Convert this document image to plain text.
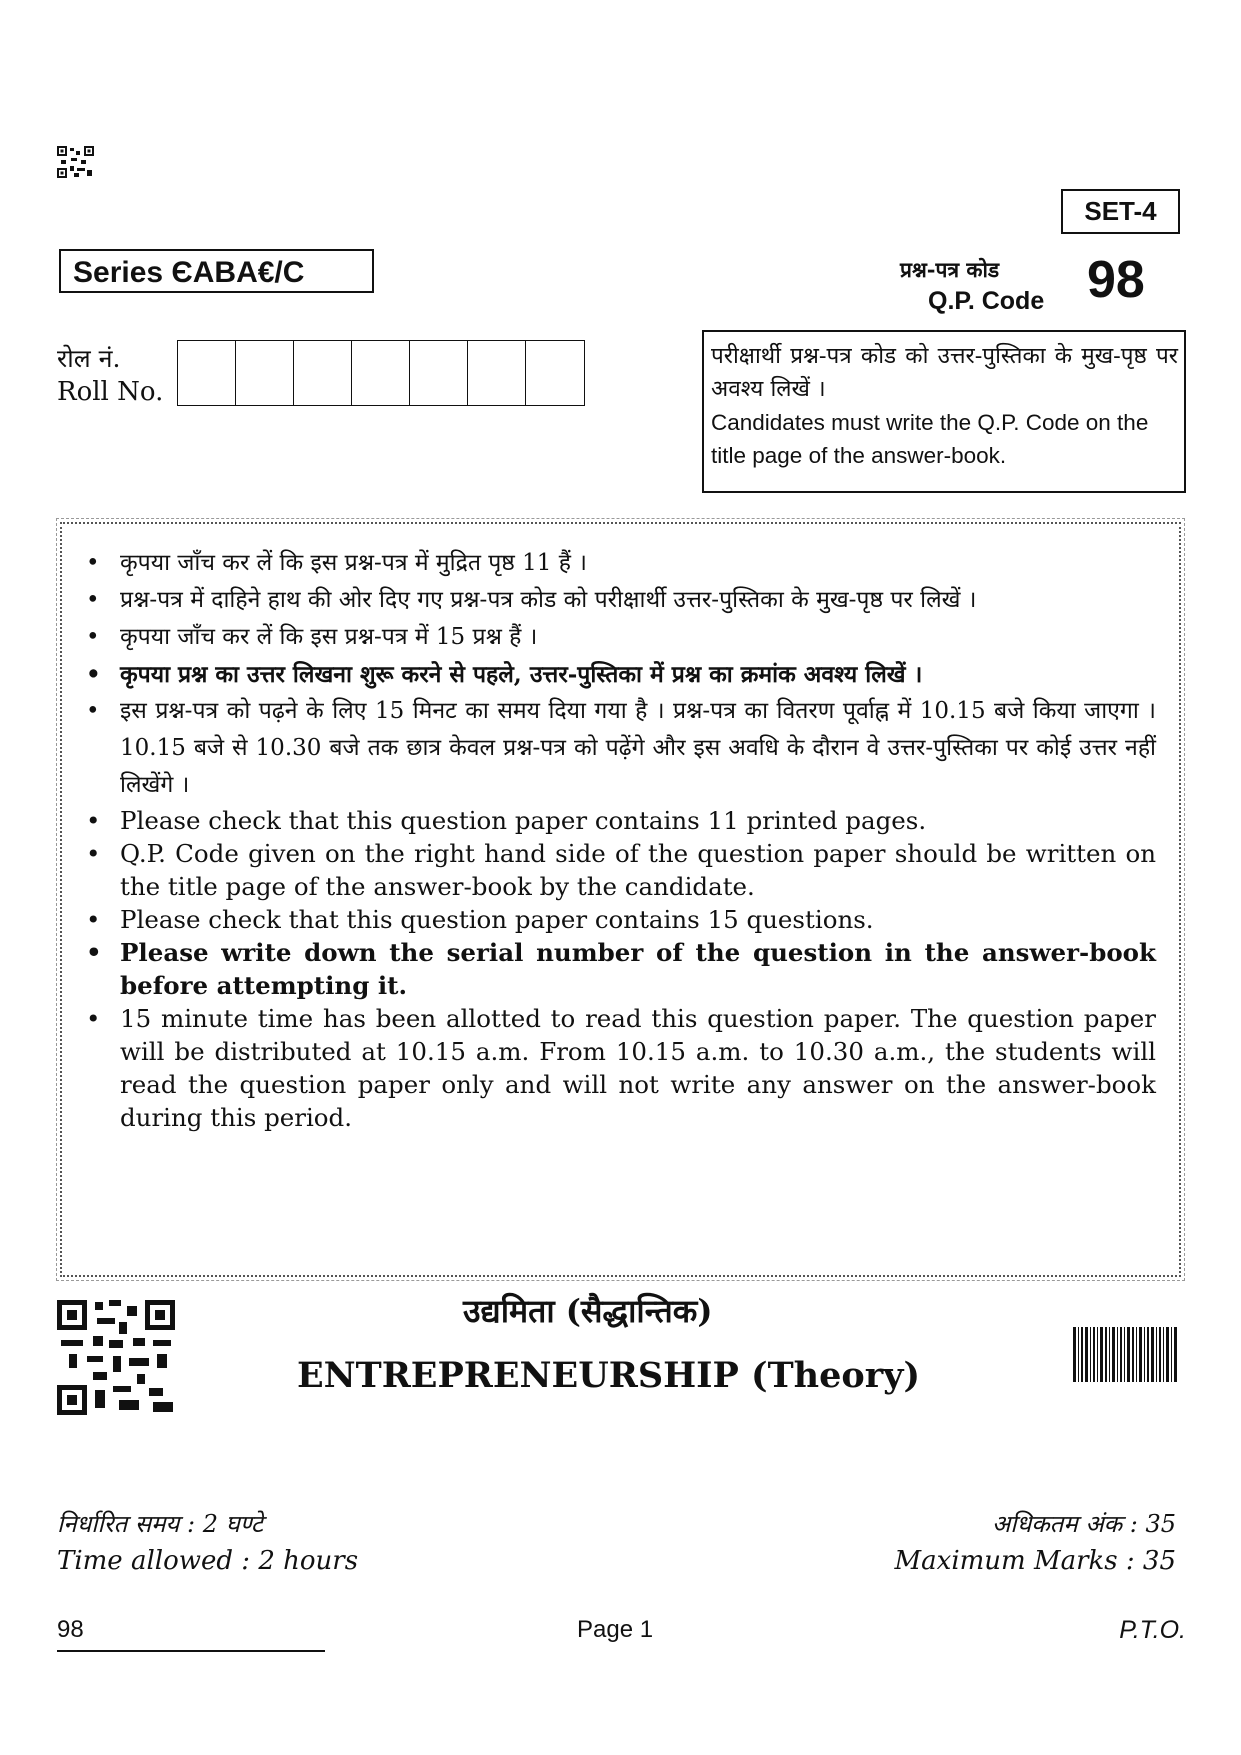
SET-4
Series ЄABA€/C	प्रश्न-पत्र कोड
Q.P. Code 98
रोल नं.
Roll No.
परीक्षार्थी प्रश्न-पत्र कोड को उत्तर-पुस्तिका के मुख-पृष्ठ पर अवश्य लिखें ।
Candidates must write the Q.P. Code on the title page of the answer-book.
• कृपया जाँच कर लें कि इस प्रश्न-पत्र में मुद्रित पृष्ठ 11 हैं ।
• प्रश्न-पत्र में दाहिने हाथ की ओर दिए गए प्रश्न-पत्र कोड को परीक्षार्थी उत्तर-पुस्तिका के मुख-पृष्ठ पर लिखें ।
• कृपया जाँच कर लें कि इस प्रश्न-पत्र में 15 प्रश्न हैं ।
• कृपया प्रश्न का उत्तर लिखना शुरू करने से पहले, उत्तर-पुस्तिका में प्रश्न का क्रमांक अवश्य लिखें ।
• इस प्रश्न-पत्र को पढ़ने के लिए 15 मिनट का समय दिया गया है । प्रश्न-पत्र का वितरण पूर्वाह्न में 10.15 बजे किया जाएगा । 10.15 बजे से 10.30 बजे तक छात्र केवल प्रश्न-पत्र को पढ़ेंगे और इस अवधि के दौरान वे उत्तर-पुस्तिका पर कोई उत्तर नहीं लिखेंगे ।
• Please check that this question paper contains 11 printed pages.
• Q.P. Code given on the right hand side of the question paper should be written on the title page of the answer-book by the candidate.
• Please check that this question paper contains 15 questions.
• Please write down the serial number of the question in the answer-book before attempting it.
• 15 minute time has been allotted to read this question paper. The question paper will be distributed at 10.15 a.m. From 10.15 a.m. to 10.30 a.m., the students will read the question paper only and will not write any answer on the answer-book during this period.
उद्यमिता (सैद्धान्तिक)
ENTREPRENEURSHIP (Theory)
निर्धारित समय : 2 घण्टे
Time allowed : 2 hours
अधिकतम अंक : 35
Maximum Marks : 35
98	Page 1	P.T.O.
